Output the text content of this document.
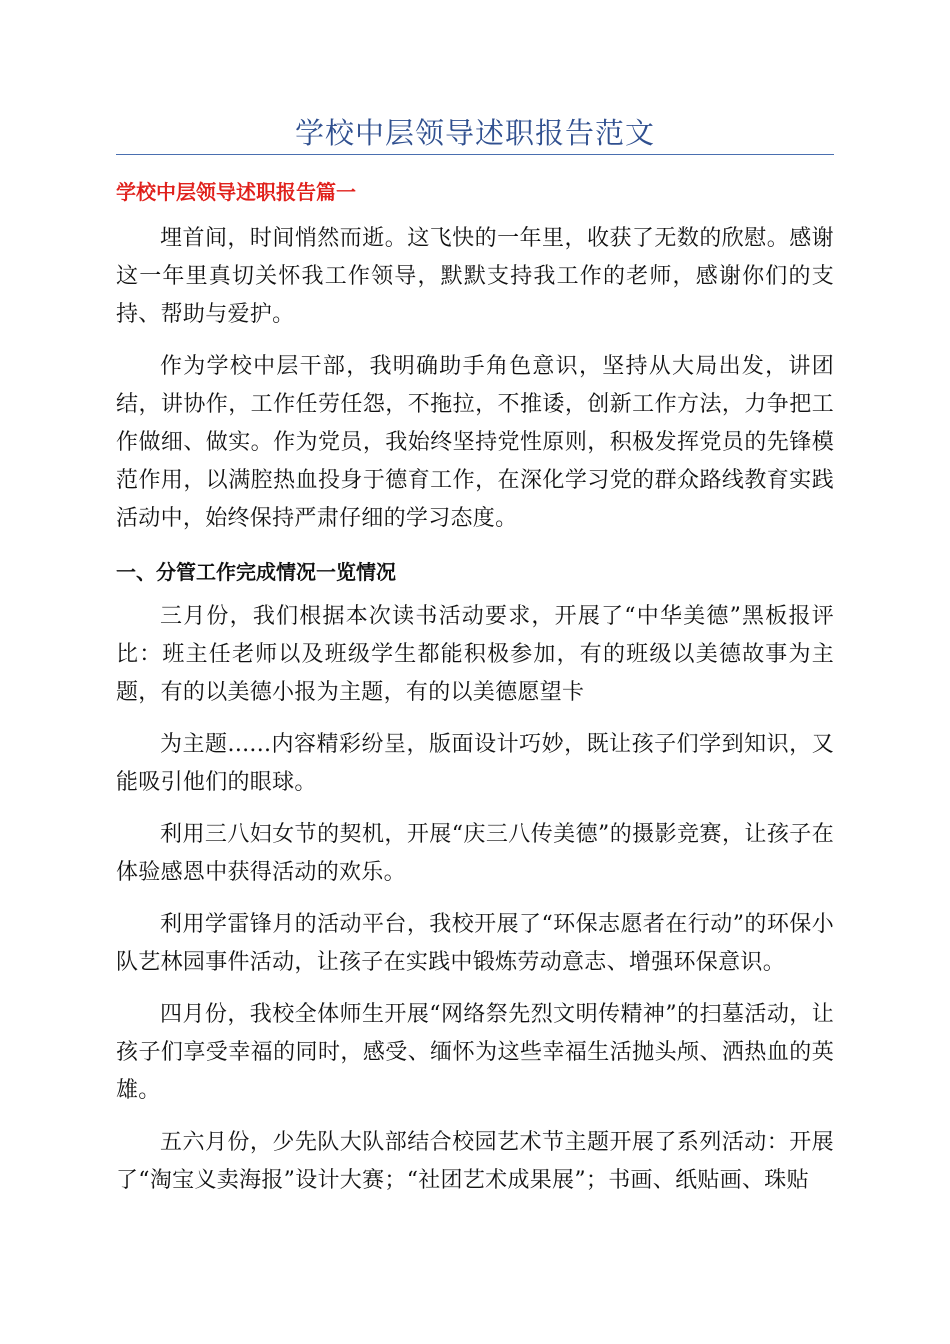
学校中层领导述职报告范文
学校中层领导述职报告篇一

埋首间，时间悄然而逝。这飞快的一年里，收获了无数的欣慰。感谢这一年里真切关怀我工作领导，默默支持我工作的老师，感谢你们的支持、帮助与爱护。

作为学校中层干部，我明确助手角色意识，坚持从大局出发，讲团结，讲协作，工作任劳任怨，不拖拉，不推诿，创新工作方法，力争把工作做细、做实。作为党员，我始终坚持党性原则，积极发挥党员的先锋模范作用，以满腔热血投身于德育工作，在深化学习党的群众路线教育实践活动中，始终保持严肃仔细的学习态度。

一、分管工作完成情况一览情况

三月份，我们根据本次读书活动要求，开展了“中华美德”黑板报评比：班主任老师以及班级学生都能积极参加，有的班级以美德故事为主题，有的以美德小报为主题，有的以美德愿望卡

为主题......内容精彩纷呈，版面设计巧妙，既让孩子们学到知识，又能吸引他们的眼球。

利用三八妇女节的契机，开展“庆三八传美德”的摄影竞赛，让孩子在体验感恩中获得活动的欢乐。

利用学雷锋月的活动平台，我校开展了“环保志愿者在行动”的环保小队艺林园事件活动，让孩子在实践中锻炼劳动意志、增强环保意识。

四月份，我校全体师生开展“网络祭先烈文明传精神”的扫墓活动，让孩子们享受幸福的同时，感受、缅怀为这些幸福生活抛头颅、洒热血的英雄。

五六月份，少先队大队部结合校园艺术节主题开展了系列活动：开展了“淘宝义卖海报”设计大赛；“社团艺术成果展”；书画、纸贴画、珠贴
